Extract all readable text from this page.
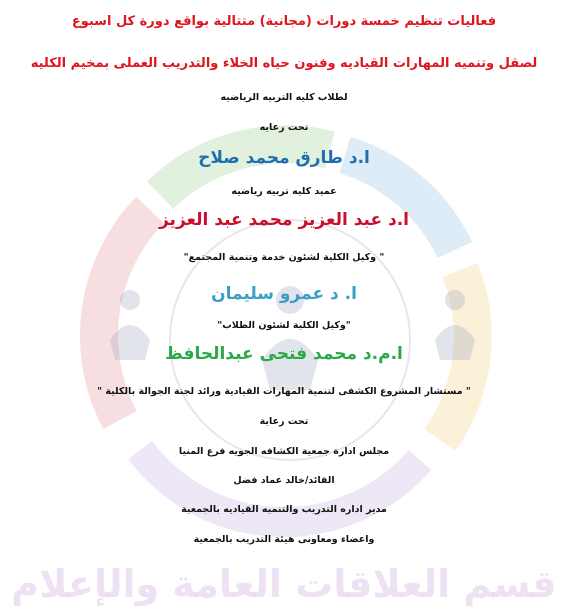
قسم العلاقات العامة والإعلام
فعاليات تنظيم خمسة دورات (مجانية) متتالية بواقع دورة كل اسبوع
لصقل وتنميه المهارات القياديه وفنون حياه الخلاء والتدريب العملى بمخيم الكليه
لطلاب كليه التربيه الرياضيه
تحت رعايه
ا.د طارق محمد صلاح
عميد كليه تربيه رياضيه
ا.د عبد العزيز محمد عبد العزيز
" وكيل الكلية لشئون خدمة وتنمية المجتمع"
ا. د عمرو سليمان
"وكيل الكلية لشئون الطلاب"
ا.م.د محمد فتحى عبدالحافظ
" مستشار المشروع الكشفى لتنمية المهارات القيادية ورائد لجنة الجوالة بالكلية "
تحت رعاية
مجلس ادارة جمعية الكشافه الجويه فرع المنيا
القائد/خالد عماد فضل
مدير اداره التدريب والتنميه القياديه بالجمعية
واعضاء ومعاونى هيئة التدريب بالجمعية
